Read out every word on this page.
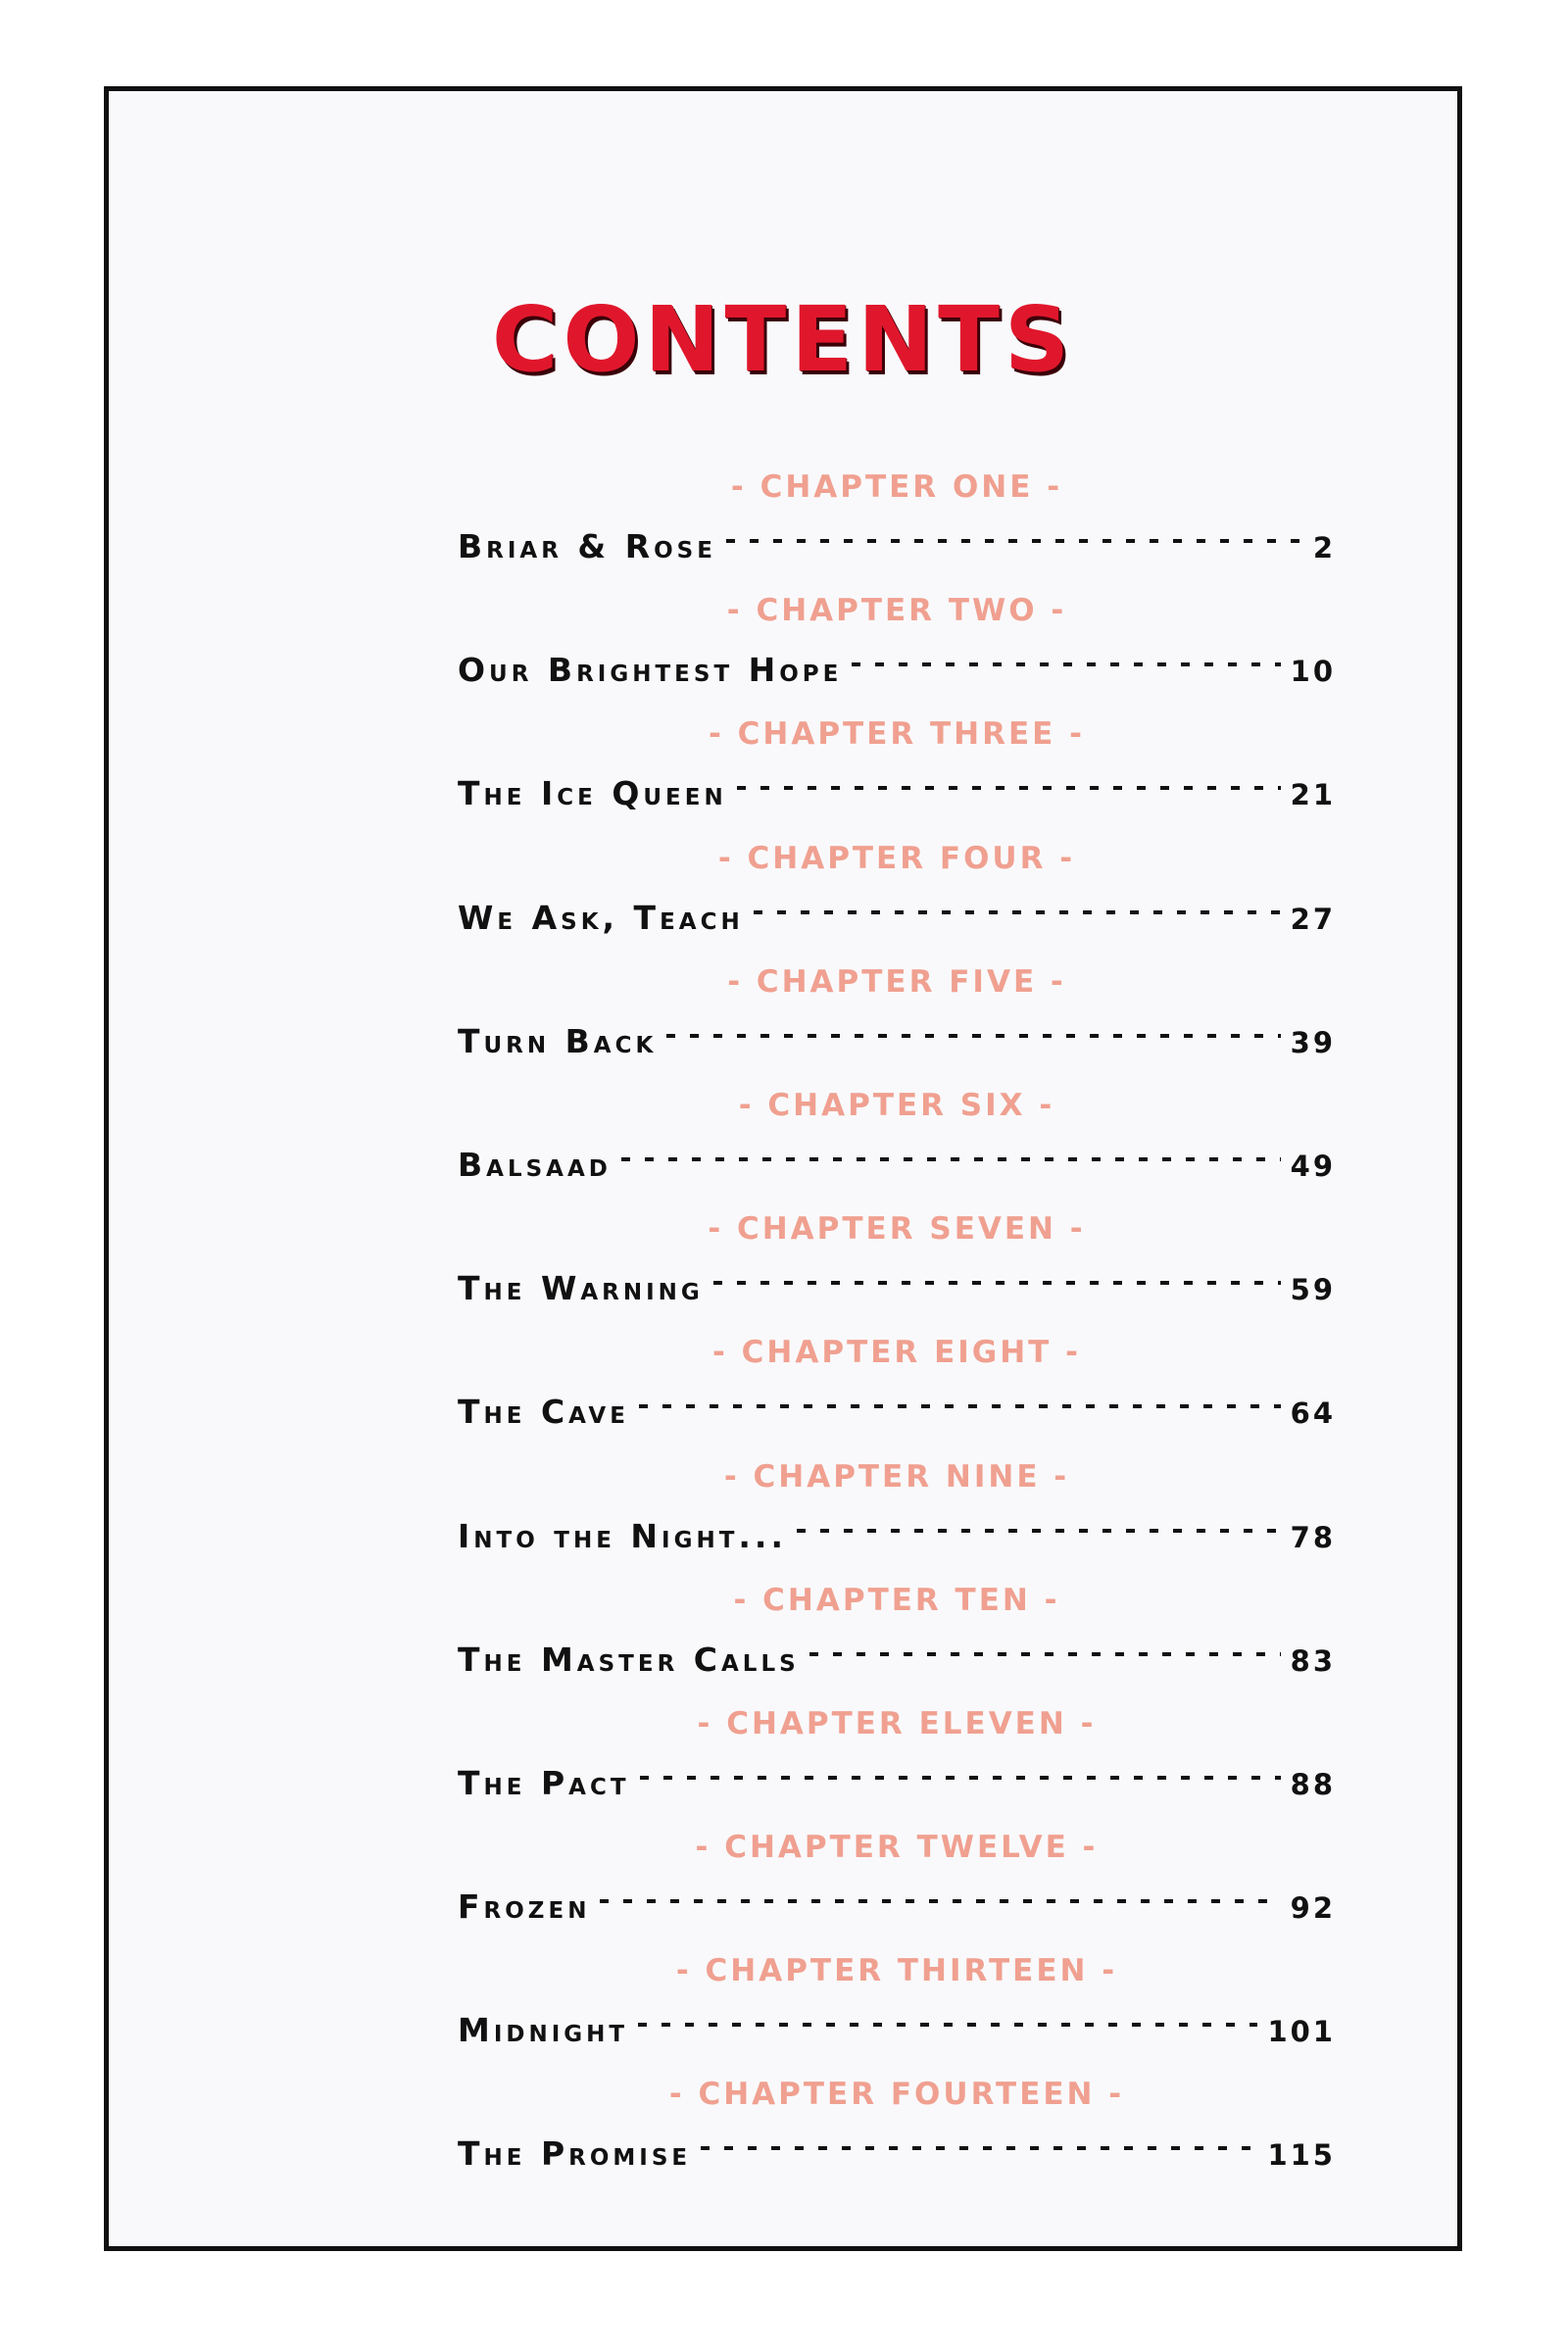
CONTENTS
- CHAPTER ONE -
Briar & Rose	2
- CHAPTER TWO -
Our Brightest Hope	10
- CHAPTER THREE -
The Ice Queen	21
- CHAPTER FOUR -
We Ask, Teach	27
- CHAPTER FIVE -
Turn Back	39
- CHAPTER SIX -
Balsaad	49
- CHAPTER SEVEN -
The Warning	59
- CHAPTER EIGHT -
The Cave	64
- CHAPTER NINE -
Into the Night...	78
- CHAPTER TEN -
The Master Calls	83
- CHAPTER ELEVEN -
The Pact	88
- CHAPTER TWELVE -
Frozen	92
- CHAPTER THIRTEEN -
Midnight	101
- CHAPTER FOURTEEN -
The Promise	115
